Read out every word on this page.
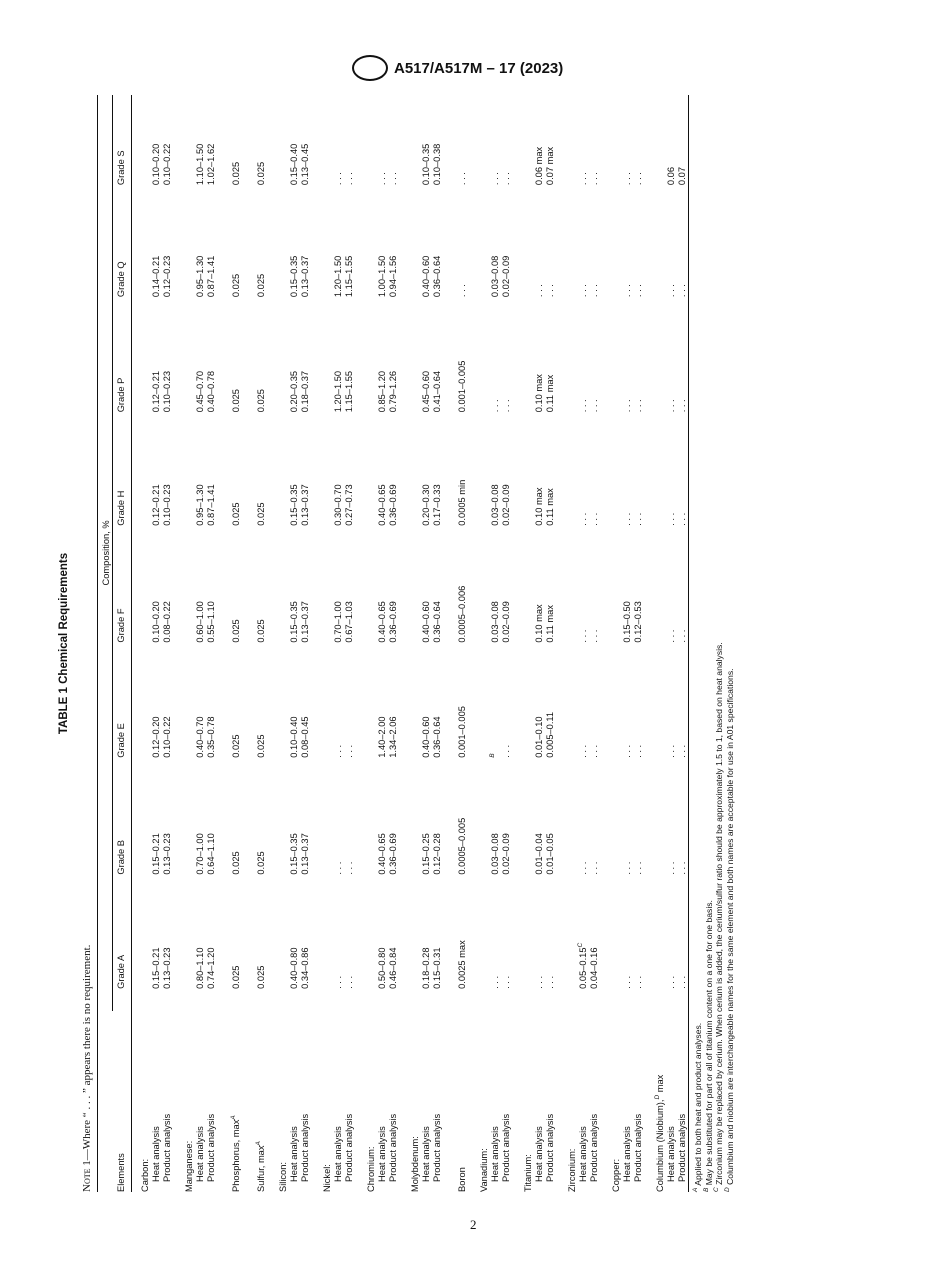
A517/A517M – 17 (2023)
TABLE 1 Chemical Requirements
Note 1—Where “ . . . ” appears there is no requirement.

	Composition, %							

Elements	Grade A	Grade B	Grade E	Grade F	Grade H	Grade P	Grade Q	Grade S
Carbon:								
Heat analysis	0.15–0.21	0.15–0.21	0.12–0.20	0.10–0.20	0.12–0.21	0.12–0.21	0.14–0.21	0.10–0.20
Product analysis	0.13–0.23	0.13–0.23	0.10–0.22	0.08–0.22	0.10–0.23	0.10–0.23	0.12–0.23	0.10–0.22
Manganese:								
Heat analysis	0.80–1.10	0.70–1.00	0.40–0.70	0.60–1.00	0.95–1.30	0.45–0.70	0.95–1.30	1.10–1.50
Product analysis	0.74–1.20	0.64–1.10	0.35–0.78	0.55–1.10	0.87–1.41	0.40–0.78	0.87–1.41	1.02–1.62
Phosphorus, $\max^A$	0.025	0.025	0.025	0.025	0.025	0.025	0.025	0.025
Sulfur, $\max^A$	0.025	0.025	0.025	0.025	0.025	0.025	0.025	0.025
Silicon:								
Heat analysis	0.40–0.80	0.15–0.35	0.10–0.40	0.15–0.35	0.15–0.35	0.20–0.35	0.15–0.35	0.15–0.40
Product analysis	0.34–0.86	0.13–0.37	0.08–0.45	0.13–0.37	0.13–0.37	0.18–0.37	0.13–0.37	0.13–0.45
Nickel:								
Heat analysis	. . .	. . .	. . .	0.70–1.00	0.30–0.70	1.20–1.50	1.20–1.50	. . .
Product analysis	. . .	. . .	. . .	0.67–1.03	0.27–0.73	1.15–1.55	1.15–1.55	. . .
Chromium:								
Heat analysis	0.50–0.80	0.40–0.65	1.40–2.00	0.40–0.65	0.40–0.65	0.85–1.20	1.00–1.50	. . .
Product analysis	0.46–0.84	0.36–0.69	1.34–2.06	0.36–0.69	0.36–0.69	0.79–1.26	0.94–1.56	. . .
Molybdenum:								
Heat analysis	0.18–0.28	0.15–0.25	0.40–0.60	0.40–0.60	0.20–0.30	0.45–0.60	0.40–0.60	0.10–0.35
Product analysis	0.15–0.31	0.12–0.28	0.36–0.64	0.36–0.64	0.17–0.33	0.41–0.64	0.36–0.64	0.10–0.38
Boron	0.0025 max	0.0005–0.005	0.001–0.005	0.0005–0.006	0.0005 min	0.001–0.005	. . .	. . .
Vanadium:								
Heat analysis	. . .	0.03–0.08	$^B$	0.03–0.08	0.03–0.08	. . .	0.03–0.08	. . .
Product analysis	. . .	0.02–0.09	. . .	0.02–0.09	0.02–0.09	. . .	0.02–0.09	. . .
Titanium:								
Heat analysis	. . .	0.01–0.04	0.01–0.10	0.10 max	0.10 max	0.10 max	. . .	0.06 max
Product analysis	. . .	0.01–0.05	0.005–0.11	0.11 max	0.11 max	0.11 max	. . .	0.07 max
Zirconium:								
Heat analysis	$0.05-0.15^C$	. . .	. . .	. . .	. . .	. . .	. . .	. . .
Product analysis	0.04–0.16	. . .	. . .	. . .	. . .	. . .	. . .	. . .
Copper:								
Heat analysis	. . .	. . .	. . .	0.15–0.50	. . .	. . .	. . .	. . .
Product analysis	. . .	. . .	. . .	0.12–0.53	. . .	. . .	. . .	. . .
Columbium (Niobium),$^D$ max								
Heat analysis	. . .	. . .	. . .	. . .	. . .	. . .	. . .	0.06
Product analysis	. . .	. . .	. . .	. . .	. . .	. . .	. . .	0.07
$^A$ Applied to both heat and product analyses.
$^B$ May be substituted for part or all of titanium content on a one for one basis.
$^C$ Zirconium may be replaced by cerium. When cerium is added, the cerium/sulfur ratio should be approximately 1.5 to 1, based on heat analysis.
$^D$ Columbium and niobium are interchangeable names for the same element and both names are acceptable for use in A01 specifications.
2
